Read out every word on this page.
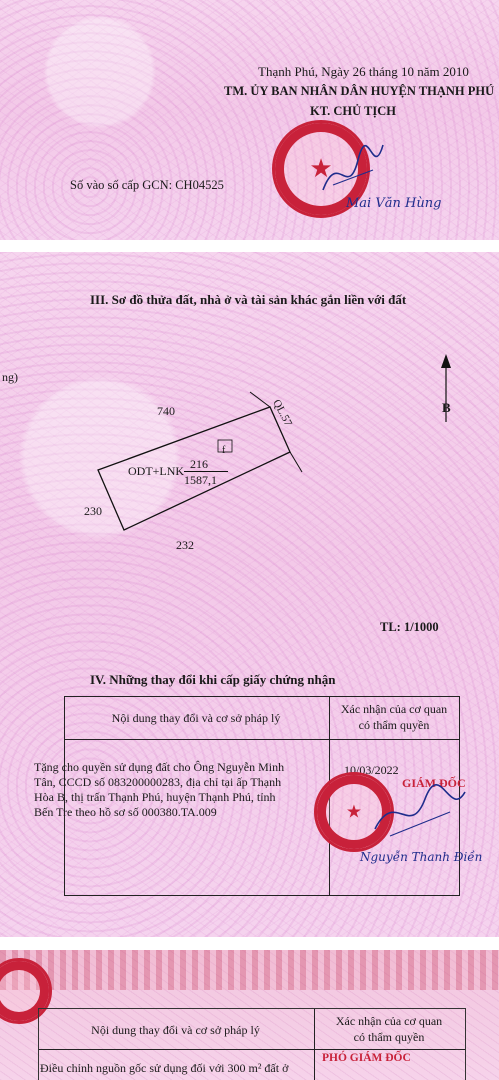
Thạnh Phú, Ngày 26 tháng 10 năm 2010
TM. ỦY BAN NHÂN DÂN HUYỆN THẠNH PHÚ
KT. CHỦ TỊCH
★
Mai Văn Hùng
Số vào số cấp GCN: CH04525
III. Sơ đồ thửa đất, nhà ở và tài sản khác gắn liền với đất
ng)
B
740	QL.57
f
ODT+LNK 216
1587,1
230
232
TL: 1/1000
IV. Những thay đổi khi cấp giấy chứng nhận
Nội dung thay đổi và cơ sở pháp lý
Xác nhận của cơ quan
có thẩm quyền
Tặng cho quyền sử dụng đất cho Ông Nguyễn Minh
Tân, CCCD số 083200000283, địa chỉ tại ấp Thạnh
Hòa B, thị trấn Thạnh Phú, huyện Thạnh Phú, tỉnh
Bến Tre theo hồ sơ số 000380.TA.009
10/03/2022
★
GIÁM ĐỐC
Nguyễn Thanh Điền
Nội dung thay đổi và cơ sở pháp lý
Xác nhận của cơ quan
có thẩm quyền
Điều chỉnh nguồn gốc sử dụng đối với 300 m² đất ở
PHÓ GIÁM ĐỐC
